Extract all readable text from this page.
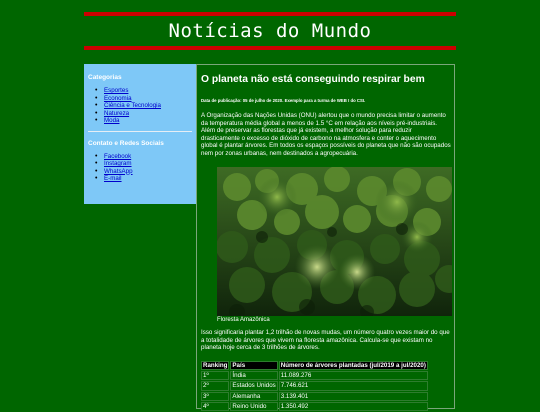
Notícias do Mundo

Categorias

• Esportes
• Economia
• Ciência e Tecnologia
• Natureza
• Moda

Contato e Redes Sociais

• Facebook
• Instagram
• WhatsApp
• E-mail
O planeta não está conseguindo respirar bem

Data de publicação: 05 de julho de 2020. Exemplo para a turma de WEB I do CSI.

A Organização das Nações Unidas (ONU) alertou que o mundo precisa limitar o aumento da temperatura média global a menos de 1.5 °C em relação aos níveis pré-industriais. Além de preservar as florestas que já existem, a melhor solução para reduzir drasticamente o excesso de dióxido de carbono na atmosfera e conter o aquecimento global é plantar árvores. Em todos os espaços possíveis do planeta que não são ocupados nem por zonas urbanas, nem destinados a agropecuária.

Floresta Amazônica

Isso significaria plantar 1,2 trilhão de novas mudas, um número quatro vezes maior do que a totalidade de árvores que vivem na floresta amazônica. Calcula-se que existam no planeta hoje cerca de 3 trilhões de árvores.

Ranking	País	Número de árvores plantadas (jul/2019 a jul/2020)
1º	Índia	11.089.276
2º	Estados Unidos	7.746.621
3º	Alemanha	3.139.401
4º	Reino Unido	1.350.492
